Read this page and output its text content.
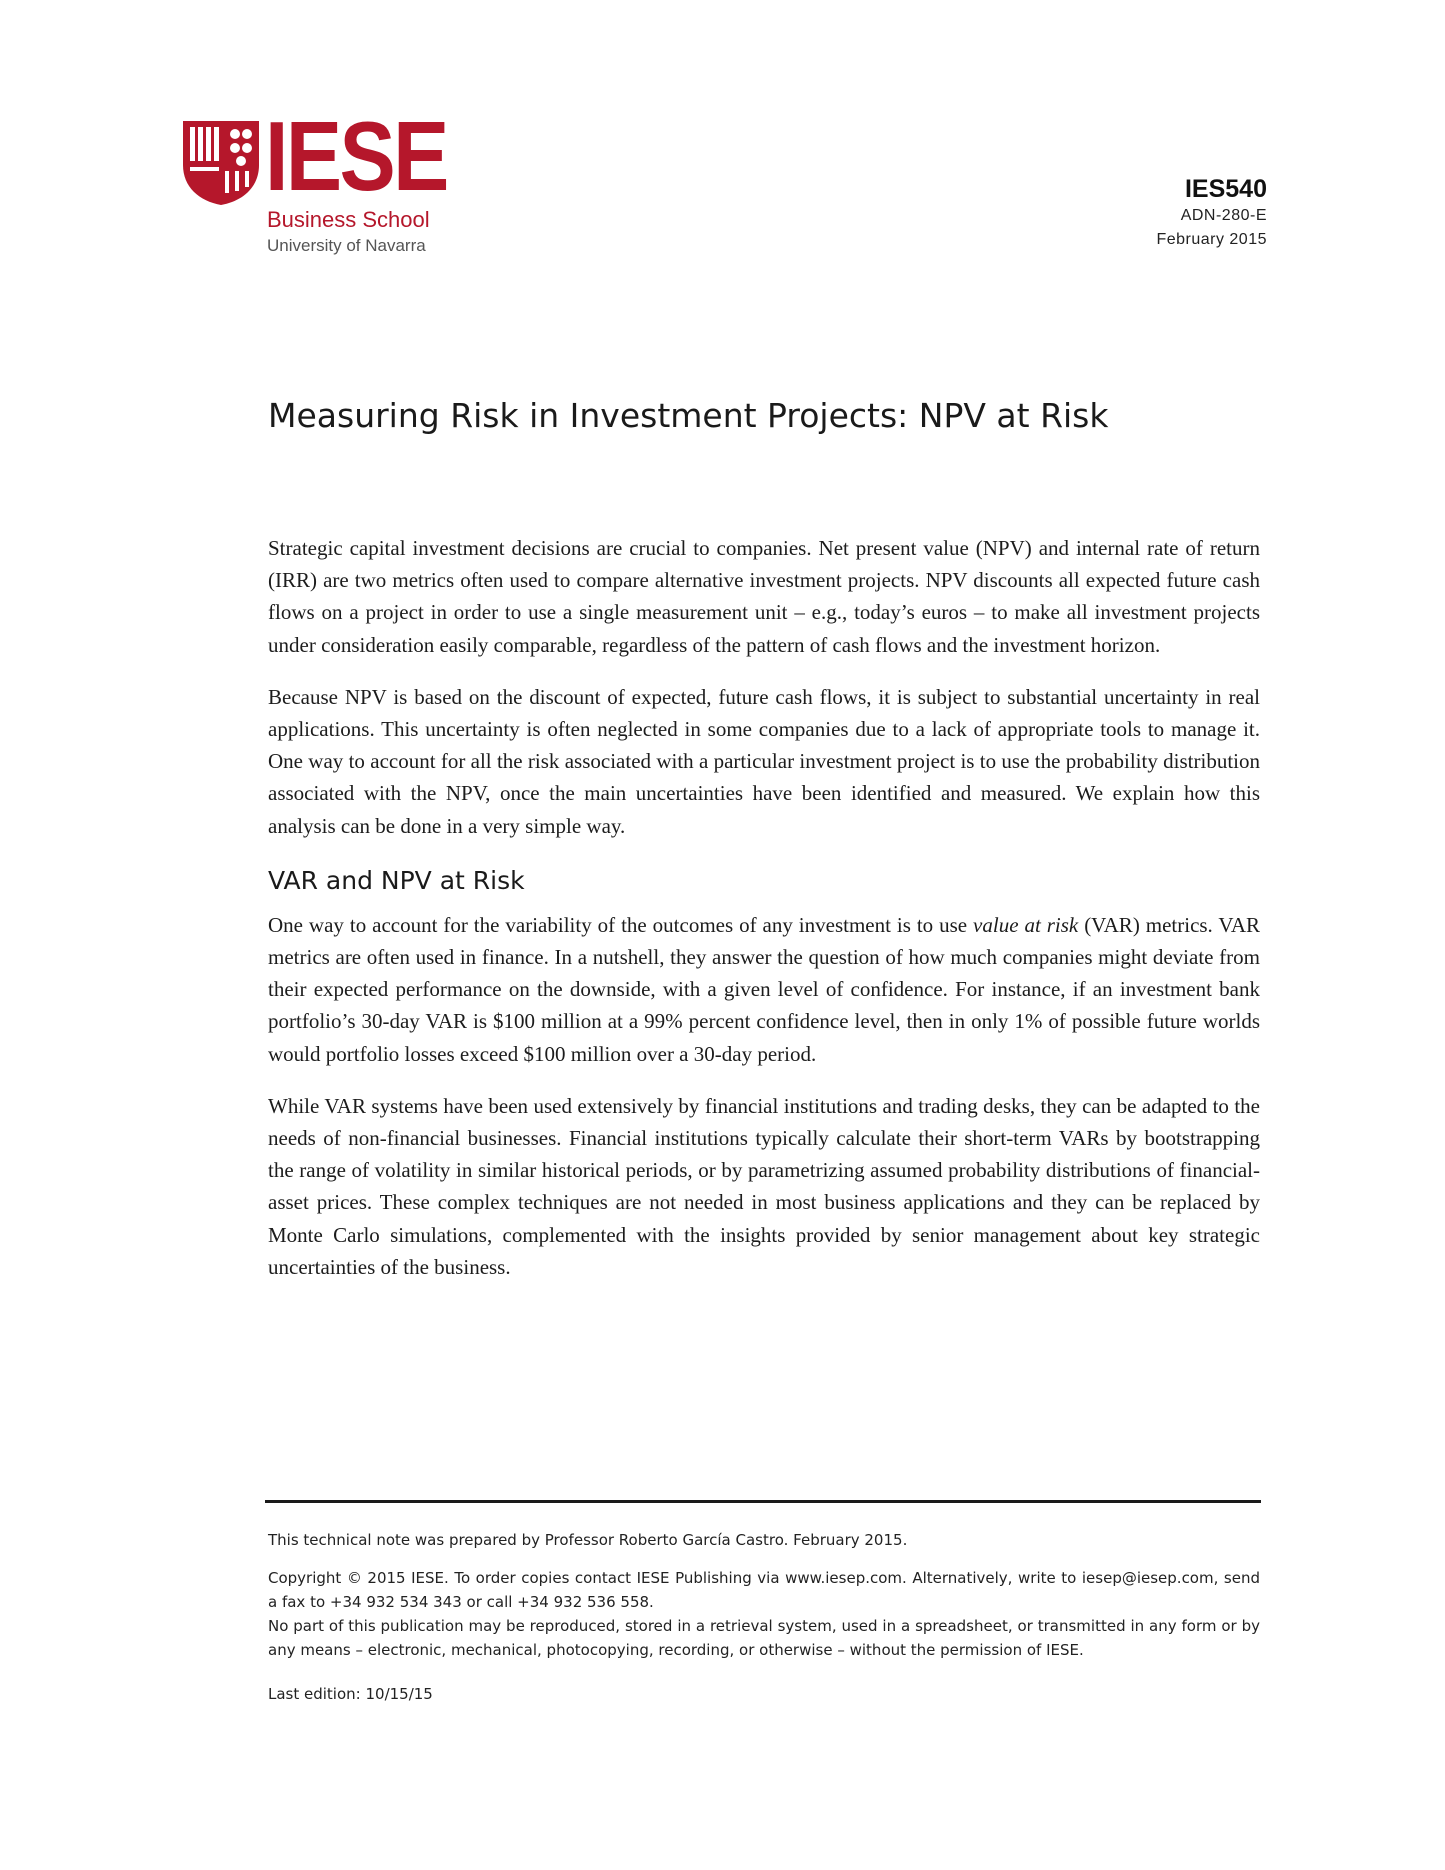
IESE
Business School
University of Navarra
IES540
ADN-280-E
February 2015
Measuring Risk in Investment Projects: NPV at Risk

Strategic capital investment decisions are crucial to companies. Net present value (NPV) and internal rate of return (IRR) are two metrics often used to compare alternative investment projects. NPV discounts all expected future cash flows on a project in order to use a single measurement unit – e.g., today’s euros – to make all investment projects under consideration easily comparable, regardless of the pattern of cash flows and the investment horizon.

Because NPV is based on the discount of expected, future cash flows, it is subject to substantial uncertainty in real applications. This uncertainty is often neglected in some companies due to a lack of appropriate tools to manage it. One way to account for all the risk associated with a particular investment project is to use the probability distribution associated with the NPV, once the main uncertainties have been identified and measured. We explain how this analysis can be done in a very simple way.

VAR and NPV at Risk

One way to account for the variability of the outcomes of any investment is to use value at risk (VAR) metrics. VAR metrics are often used in finance. In a nutshell, they answer the question of how much companies might deviate from their expected performance on the downside, with a given level of confidence. For instance, if an investment bank portfolio’s 30-day VAR is $100 million at a 99% percent confidence level, then in only 1% of possible future worlds would portfolio losses exceed $100 million over a 30-day period.

While VAR systems have been used extensively by financial institutions and trading desks, they can be adapted to the needs of non-financial businesses. Financial institutions typically calculate their short-term VARs by bootstrapping the range of volatility in similar historical periods, or by parametrizing assumed probability distributions of financial-asset prices. These complex techniques are not needed in most business applications and they can be replaced by Monte Carlo simulations, complemented with the insights provided by senior management about key strategic uncertainties of the business.

This technical note was prepared by Professor Roberto García Castro. February 2015.

Copyright © 2015 IESE. To order copies contact IESE Publishing via www.iesep.com. Alternatively, write to iesep@iesep.com, send a fax to +34 932 534 343 or call +34 932 536 558.

No part of this publication may be reproduced, stored in a retrieval system, used in a spreadsheet, or transmitted in any form or by any means – electronic, mechanical, photocopying, recording, or otherwise – without the permission of IESE.

Last edition: 10/15/15
